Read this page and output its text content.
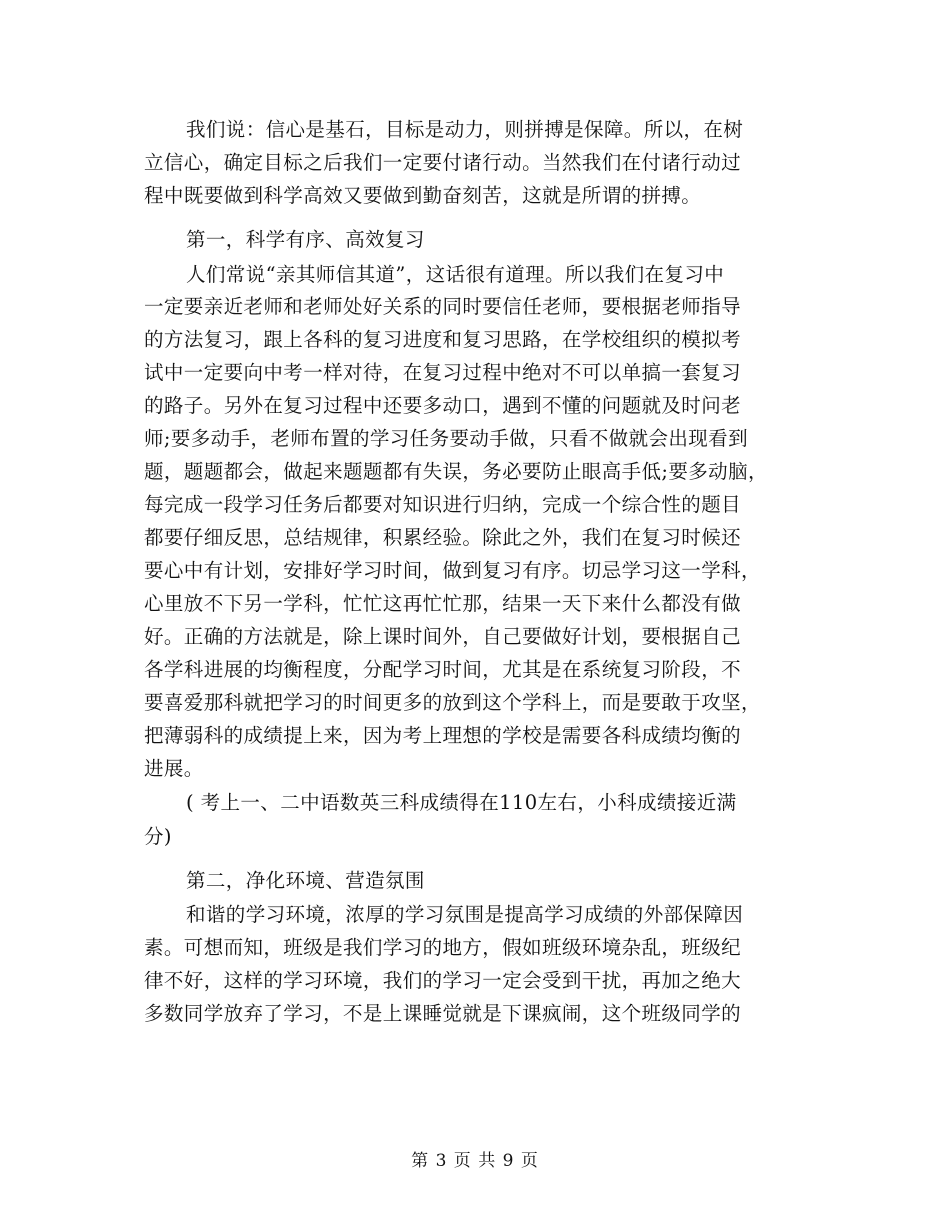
我们说：信心是基石，目标是动力，则拼搏是保障。所以，在树
立信心，确定目标之后我们一定要付诸行动。当然我们在付诸行动过
程中既要做到科学高效又要做到勤奋刻苦，这就是所谓的拼搏。
第一，科学有序、高效复习
人们常说“亲其师信其道”，这话很有道理。所以我们在复习中
一定要亲近老师和老师处好关系的同时要信任老师，要根据老师指导
的方法复习，跟上各科的复习进度和复习思路，在学校组织的模拟考
试中一定要向中考一样对待，在复习过程中绝对不可以单搞一套复习
的路子。另外在复习过程中还要多动口，遇到不懂的问题就及时问老
师;要多动手，老师布置的学习任务要动手做，只看不做就会出现看到
题，题题都会，做起来题题都有失误，务必要防止眼高手低;要多动脑，
每完成一段学习任务后都要对知识进行归纳，完成一个综合性的题目
都要仔细反思，总结规律，积累经验。除此之外，我们在复习时候还
要心中有计划，安排好学习时间，做到复习有序。切忌学习这一学科，
心里放不下另一学科，忙忙这再忙忙那，结果一天下来什么都没有做
好。正确的方法就是，除上课时间外，自己要做好计划，要根据自己
各学科进展的均衡程度，分配学习时间，尤其是在系统复习阶段，不
要喜爱那科就把学习的时间更多的放到这个学科上，而是要敢于攻坚，
把薄弱科的成绩提上来，因为考上理想的学校是需要各科成绩均衡的
进展。
( 考上一、二中语数英三科成绩得在110左右，小科成绩接近满
分)
第二，净化环境、营造氛围
和谐的学习环境，浓厚的学习氛围是提高学习成绩的外部保障因
素。可想而知，班级是我们学习的地方，假如班级环境杂乱，班级纪
律不好，这样的学习环境，我们的学习一定会受到干扰，再加之绝大
多数同学放弃了学习，不是上课睡觉就是下课疯闹，这个班级同学的
第 3 页 共 9 页
